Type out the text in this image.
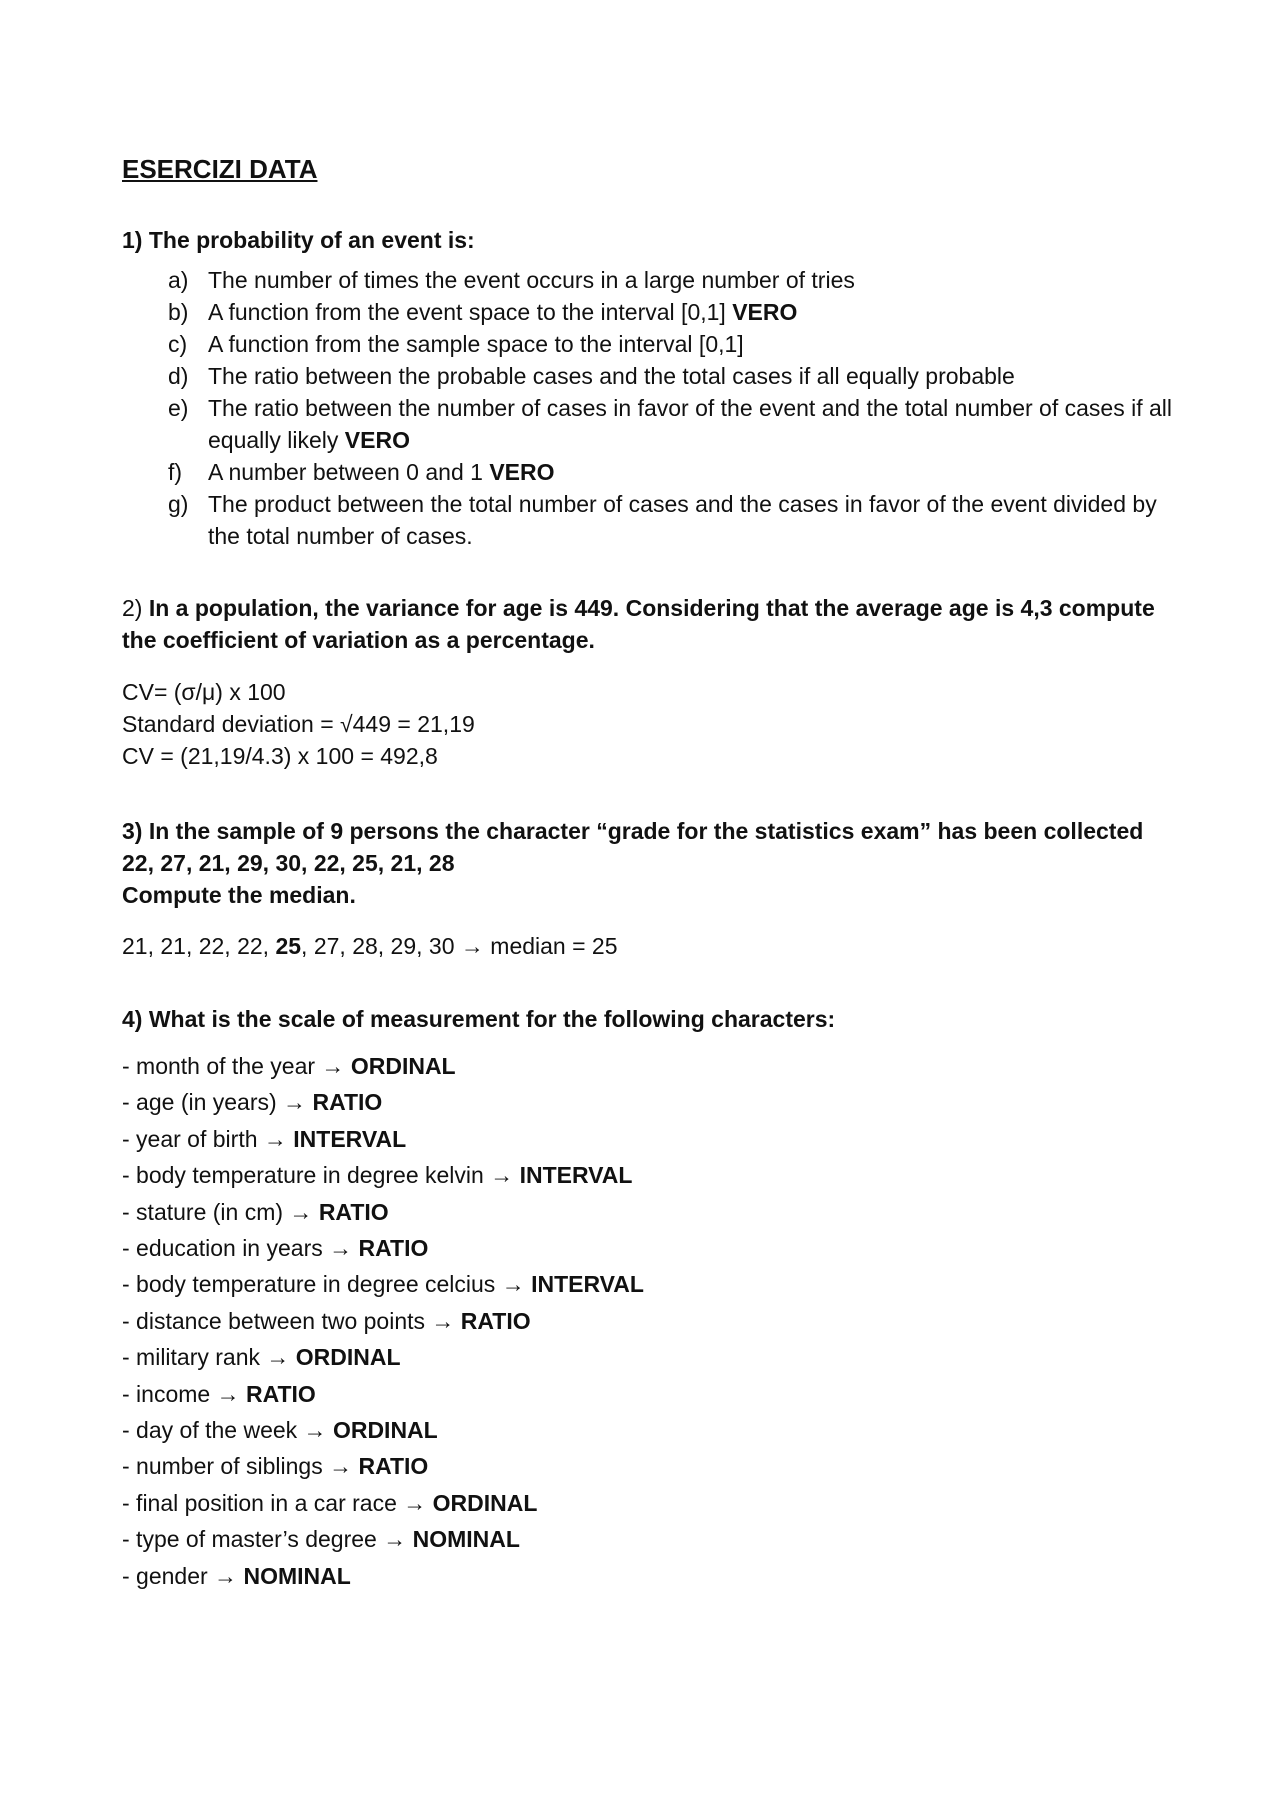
ESERCIZI DATA

1) The probability of an event is:

a) The number of times the event occurs in a large number of tries
b) A function from the event space to the interval [0,1] VERO
c) A function from the sample space to the interval [0,1]
d) The ratio between the probable cases and the total cases if all equally probable
e) The ratio between the number of cases in favor of the event and the total number of cases if all equally likely VERO
f) A number between 0 and 1 VERO
g) The product between the total number of cases and the cases in favor of the event divided by the total number of cases.

2) In a population, the variance for age is 449. Considering that the average age is 4,3 compute the coefficient of variation as a percentage.

CV= (σ/μ) x 100
Standard deviation = √449 = 21,19
CV = (21,19/4.3) x 100 = 492,8
3) In the sample of 9 persons the character “grade for the statistics exam” has been collected
22, 27, 21, 29, 30, 22, 25, 21, 28
Compute the median.
21, 21, 22, 22, 25, 27, 28, 29, 30 → median = 25

4) What is the scale of measurement for the following characters:

- month of the year → ORDINAL
- age (in years) → RATIO
- year of birth → INTERVAL
- body temperature in degree kelvin → INTERVAL
- stature (in cm) → RATIO
- education in years → RATIO
- body temperature in degree celcius → INTERVAL
- distance between two points → RATIO
- military rank → ORDINAL
- income → RATIO
- day of the week → ORDINAL
- number of siblings → RATIO
- final position in a car race → ORDINAL
- type of master’s degree → NOMINAL
- gender → NOMINAL
